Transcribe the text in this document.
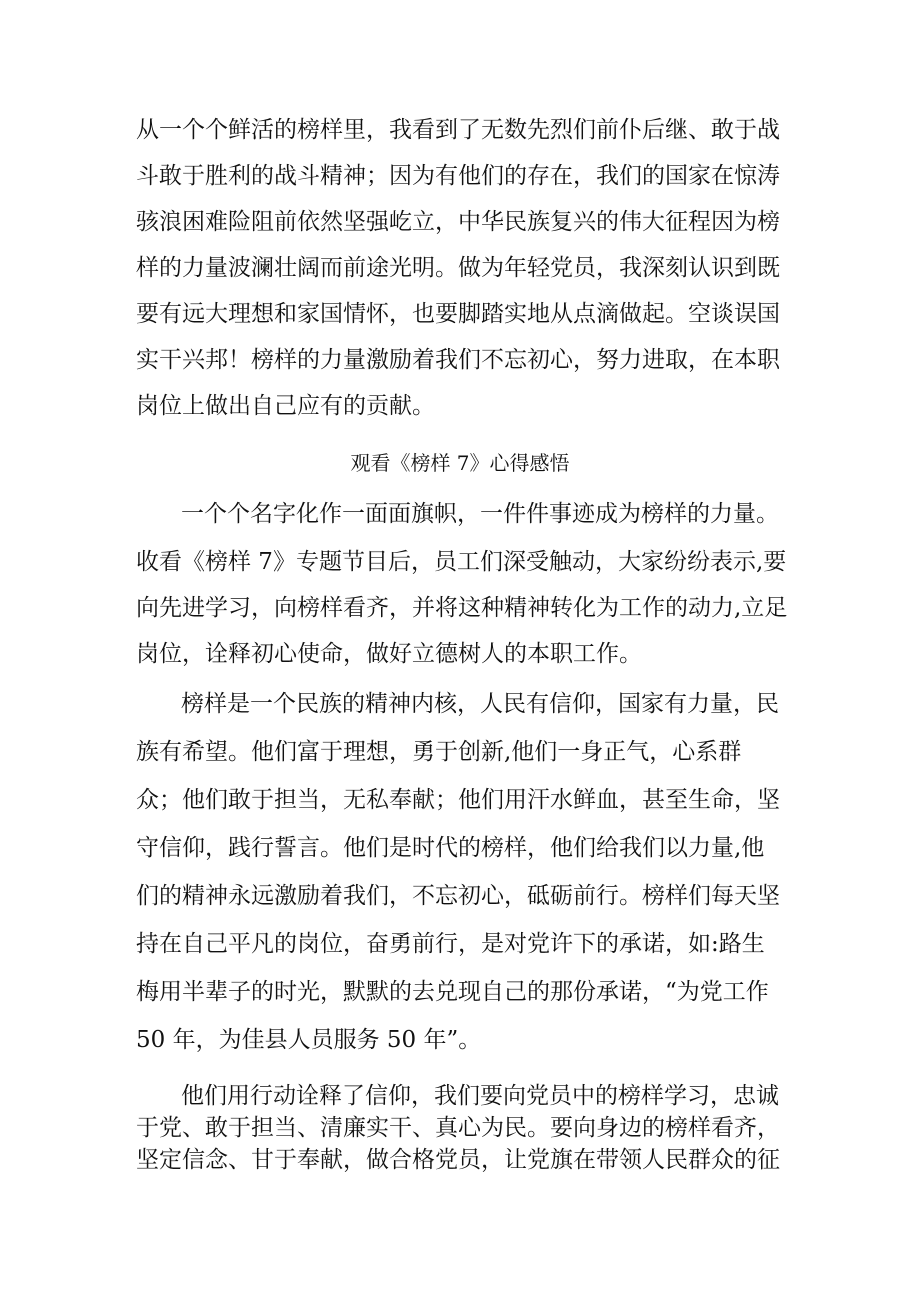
从一个个鲜活的榜样里，我看到了无数先烈们前仆后继、敢于战
斗敢于胜利的战斗精神；因为有他们的存在，我们的国家在惊涛
骇浪困难险阻前依然坚强屹立，中华民族复兴的伟大征程因为榜
样的力量波澜壮阔而前途光明。做为年轻党员，我深刻认识到既
要有远大理想和家国情怀，也要脚踏实地从点滴做起。空谈误国
实干兴邦！榜样的力量激励着我们不忘初心，努力进取，在本职
岗位上做出自己应有的贡献。
观看《榜样 7》心得感悟
一个个名字化作一面面旗帜，一件件事迹成为榜样的力量。
收看《榜样 7》专题节目后，员工们深受触动，大家纷纷表示,要
向先进学习，向榜样看齐，并将这种精神转化为工作的动力,立足
岗位，诠释初心使命，做好立德树人的本职工作。
榜样是一个民族的精神内核，人民有信仰，国家有力量，民
族有希望。他们富于理想，勇于创新,他们一身正气，心系群
众；他们敢于担当，无私奉献；他们用汗水鲜血，甚至生命，坚
守信仰，践行誓言。他们是时代的榜样，他们给我们以力量,他
们的精神永远激励着我们，不忘初心，砥砺前行。榜样们每天坚
持在自己平凡的岗位，奋勇前行，是对党许下的承诺，如:路生
梅用半辈子的时光，默默的去兑现自己的那份承诺，“为党工作
50 年，为佳县人员服务 50 年”。
他们用行动诠释了信仰，我们要向党员中的榜样学习，忠诚
于党、敢于担当、清廉实干、真心为民。要向身边的榜样看齐，
坚定信念、甘于奉献，做合格党员，让党旗在带领人民群众的征
